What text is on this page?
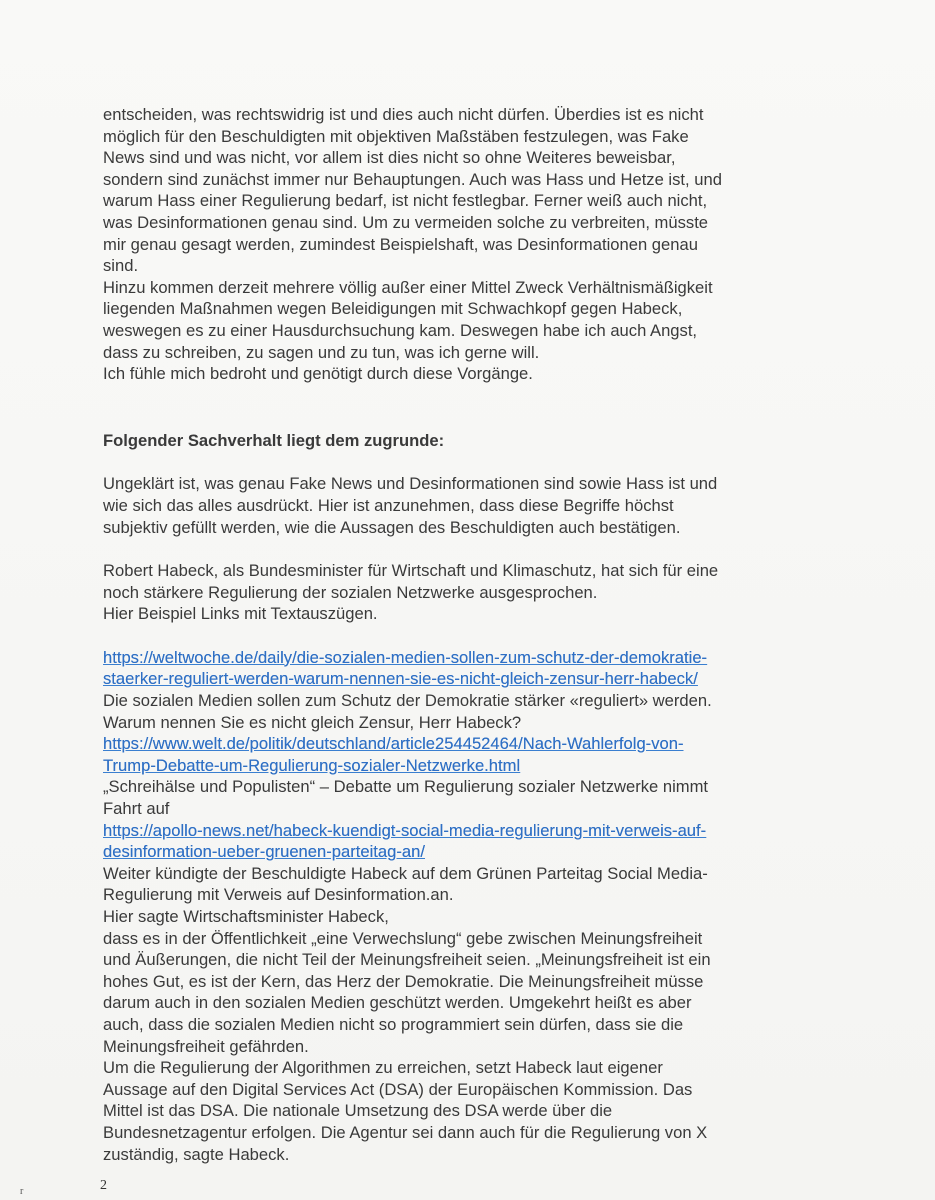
entscheiden, was rechtswidrig ist und dies auch nicht dürfen. Überdies ist es nicht
möglich für den Beschuldigten mit objektiven Maßstäben festzulegen, was Fake
News sind und was nicht, vor allem ist dies nicht so ohne Weiteres beweisbar,
sondern sind zunächst immer nur Behauptungen. Auch was Hass und Hetze ist, und
warum Hass einer Regulierung bedarf, ist nicht festlegbar. Ferner weiß auch nicht,
was Desinformationen genau sind. Um zu vermeiden solche zu verbreiten, müsste
mir genau gesagt werden, zumindest Beispielshaft, was Desinformationen genau
sind.
Hinzu kommen derzeit mehrere völlig außer einer Mittel Zweck Verhältnismäßigkeit
liegenden Maßnahmen wegen Beleidigungen mit Schwachkopf gegen Habeck,
weswegen es zu einer Hausdurchsuchung kam. Deswegen habe ich auch Angst,
dass zu schreiben, zu sagen und zu tun, was ich gerne will.
Ich fühle mich bedroht und genötigt durch diese Vorgänge.
Folgender Sachverhalt liegt dem zugrunde:
Ungeklärt ist, was genau Fake News und Desinformationen sind sowie Hass ist und
wie sich das alles ausdrückt. Hier ist anzunehmen, dass diese Begriffe höchst
subjektiv gefüllt werden, wie die Aussagen des Beschuldigten auch bestätigen.
Robert Habeck, als Bundesminister für Wirtschaft und Klimaschutz, hat sich für eine
noch stärkere Regulierung der sozialen Netzwerke ausgesprochen.
Hier Beispiel Links mit Textauszügen.
https://weltwoche.de/daily/die-sozialen-medien-sollen-zum-schutz-der-demokratie-
staerker-reguliert-werden-warum-nennen-sie-es-nicht-gleich-zensur-herr-habeck/
Die sozialen Medien sollen zum Schutz der Demokratie stärker «reguliert» werden.
Warum nennen Sie es nicht gleich Zensur, Herr Habeck?
https://www.welt.de/politik/deutschland/article254452464/Nach-Wahlerfolg-von-
Trump-Debatte-um-Regulierung-sozialer-Netzwerke.html
„Schreihälse und Populisten“ – Debatte um Regulierung sozialer Netzwerke nimmt
Fahrt auf
https://apollo-news.net/habeck-kuendigt-social-media-regulierung-mit-verweis-auf-
desinformation-ueber-gruenen-parteitag-an/
Weiter kündigte der Beschuldigte Habeck auf dem Grünen Parteitag Social Media-
Regulierung mit Verweis auf Desinformation.an.
Hier sagte Wirtschaftsminister Habeck,
dass es in der Öffentlichkeit „eine Verwechslung“ gebe zwischen Meinungsfreiheit
und Äußerungen, die nicht Teil der Meinungsfreiheit seien. „Meinungsfreiheit ist ein
hohes Gut, es ist der Kern, das Herz der Demokratie. Die Meinungsfreiheit müsse
darum auch in den sozialen Medien geschützt werden. Umgekehrt heißt es aber
auch, dass die sozialen Medien nicht so programmiert sein dürfen, dass sie die
Meinungsfreiheit gefährden.
Um die Regulierung der Algorithmen zu erreichen, setzt Habeck laut eigener
Aussage auf den Digital Services Act (DSA) der Europäischen Kommission. Das
Mittel ist das DSA. Die nationale Umsetzung des DSA werde über die
Bundesnetzagentur erfolgen. Die Agentur sei dann auch für die Regulierung von X
zuständig, sagte Habeck.
2
r
